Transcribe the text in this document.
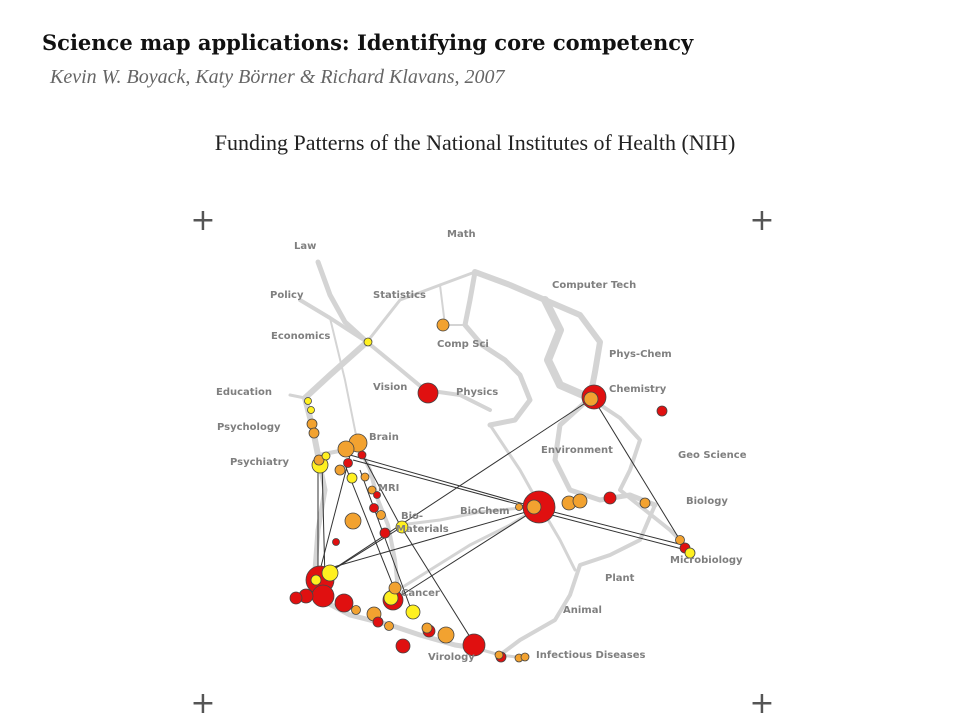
Science map applications: Identifying core competency

Kevin W. Boyack, Katy Börner & Richard Klavans, 2007

Funding Patterns of the National Institutes of Health (NIH)

+	+
+	+
Math
Law
Computer Tech
Policy	Statistics
Economics
Comp Sci
Phys-Chem
Vision
Education	Physics	Chemistry
Psychology
Brain
Environment	Geo Science
Psychiatry
MRI
Biology
BioChem
Bio-
Materials
Microbiology
Plant
Cancer
Animal
Infectious Diseases
Virology
